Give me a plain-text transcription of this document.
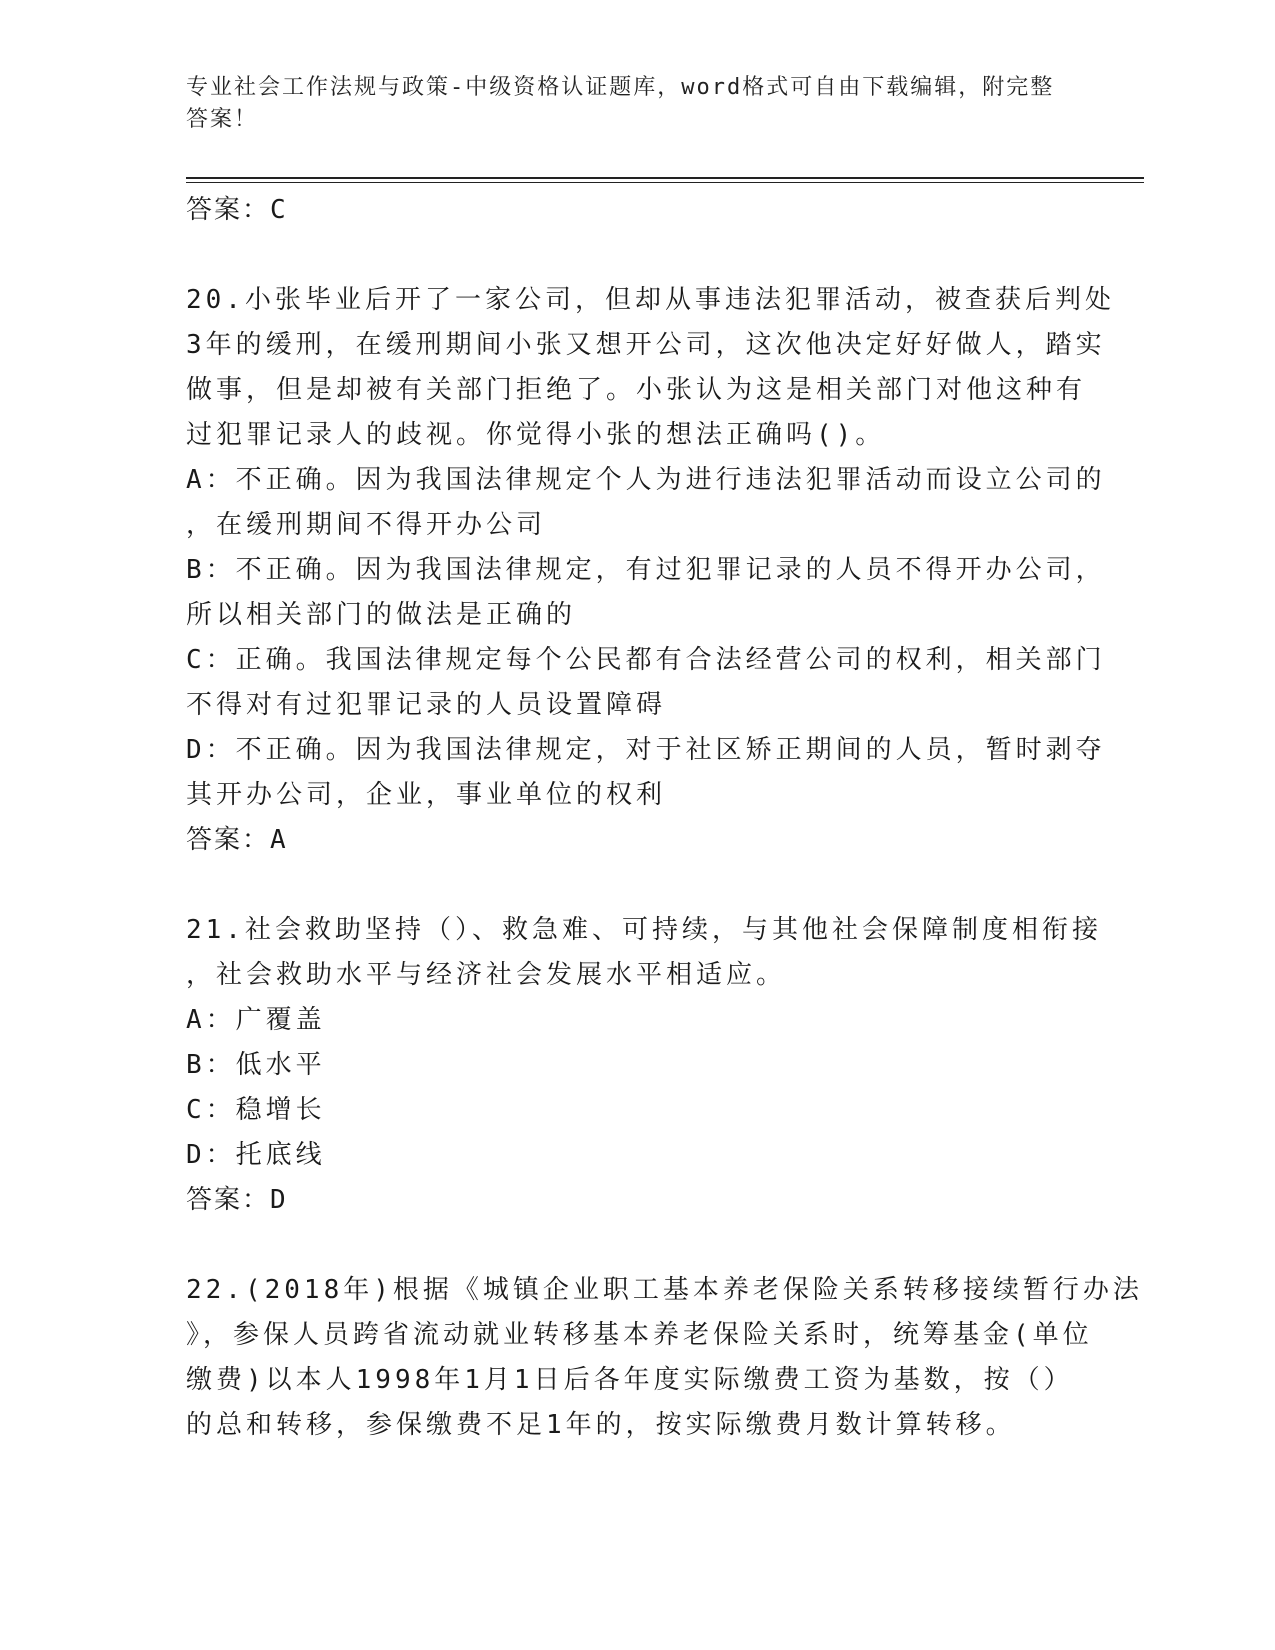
专业社会工作法规与政策-中级资格认证题库，word格式可自由下载编辑，附完整
答案！
答案：C
20.小张毕业后开了一家公司，但却从事违法犯罪活动，被查获后判处
3年的缓刑，在缓刑期间小张又想开公司，这次他决定好好做人，踏实
做事，但是却被有关部门拒绝了。小张认为这是相关部门对他这种有
过犯罪记录人的歧视。你觉得小张的想法正确吗()。
A：不正确。因为我国法律规定个人为进行违法犯罪活动而设立公司的
，在缓刑期间不得开办公司
B：不正确。因为我国法律规定，有过犯罪记录的人员不得开办公司，
所以相关部门的做法是正确的
C：正确。我国法律规定每个公民都有合法经营公司的权利，相关部门
不得对有过犯罪记录的人员设置障碍
D：不正确。因为我国法律规定，对于社区矫正期间的人员，暂时剥夺
其开办公司，企业，事业单位的权利
答案：A
21.社会救助坚持（）、救急难、可持续，与其他社会保障制度相衔接
，社会救助水平与经济社会发展水平相适应。
A：广覆盖
B：低水平
C：稳增长
D：托底线
答案：D
22.(2018年)根据《城镇企业职工基本养老保险关系转移接续暂行办法
》，参保人员跨省流动就业转移基本养老保险关系时，统筹基金(单位
缴费)以本人1998年1月1日后各年度实际缴费工资为基数，按（）
的总和转移，参保缴费不足1年的，按实际缴费月数计算转移。
